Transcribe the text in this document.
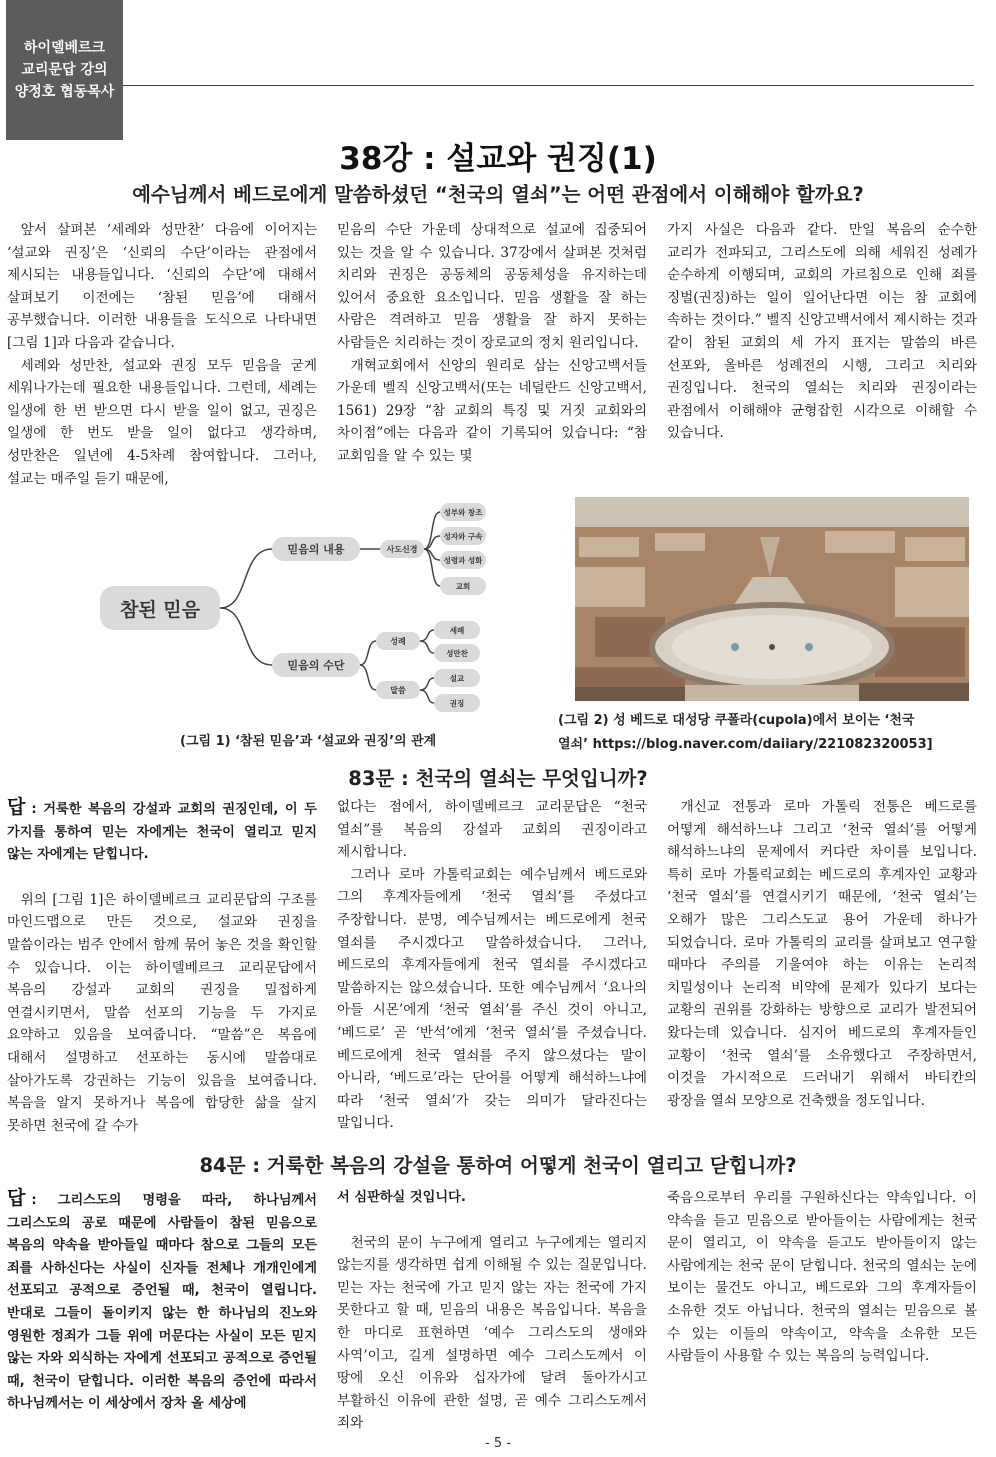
하이델베르크
교리문답 강의
양정호 협동목사
38강 : 설교와 권징(1)
예수님께서 베드로에게 말씀하셨던 “천국의 열쇠”는 어떤 관점에서 이해해야 할까요?

앞서 살펴본 ‘세례와 성만찬’ 다음에 이어지는 ‘설교와 권징’은 ‘신뢰의 수단’이라는 관점에서 제시되는 내용들입니다. ‘신뢰의 수단’에 대해서 살펴보기 이전에는 ‘참된 믿음’에 대해서 공부했습니다. 이러한 내용들을 도식으로 나타내면 [그림 1]과 다음과 같습니다.

세례와 성만찬, 설교와 권징 모두 믿음을 굳게 세워나가는데 필요한 내용들입니다. 그런데, 세례는 일생에 한 번 받으면 다시 받을 일이 없고, 권징은 일생에 한 번도 받을 일이 없다고 생각하며, 성만찬은 일년에 4-5차례 참여합니다. 그러나, 설교는 매주일 듣기 때문에,

믿음의 수단 가운데 상대적으로 설교에 집중되어 있는 것을 알 수 있습니다. 37강에서 살펴본 것처럼 치리와 권징은 공동체의 공동체성을 유지하는데 있어서 중요한 요소입니다. 믿음 생활을 잘 하는 사람은 격려하고 믿음 생활을 잘 하지 못하는 사람들은 치리하는 것이 장로교의 정치 원리입니다.

개혁교회에서 신앙의 원리로 삼는 신앙고백서들 가운데 벨직 신앙고백서(또는 네덜란드 신앙고백서, 1561) 29장 “참 교회의 특징 및 거짓 교회와의 차이점”에는 다음과 같이 기록되어 있습니다: “참 교회임을 알 수 있는 몇

가지 사실은 다음과 같다. 만일 복음의 순수한 교리가 전파되고, 그리스도에 의해 세워진 성례가 순수하게 이행되며, 교회의 가르침으로 인해 죄를 징벌(권징)하는 일이 일어난다면 이는 참 교회에 속하는 것이다.” 벨직 신앙고백서에서 제시하는 것과 같이 참된 교회의 세 가지 표지는 말씀의 바른 선포와, 올바른 성례전의 시행, 그리고 치리와 권징입니다. 천국의 열쇠는 치리와 권징이라는 관점에서 이해해야 균형잡힌 시각으로 이해할 수 있습니다.

참된 믿음
믿음의 내용	사도신경
성부와 창조
성자와 구속
성령과 성화
교회
믿음의 수단
성례
세례
성만찬
말씀
설교
권징
(그림 1) ‘참된 믿음’과 ‘설교와 권징’의 관계
(그림 2) 성 베드로 대성당 쿠폴라(cupola)에서 보이는 ‘천국
열쇠’ https://blog.naver.com/daiiary/221082320053]
83문 : 천국의 열쇠는 무엇입니까?
답 : 거룩한 복음의 강설과 교회의 권징인데, 이 두 가지를 통하여 믿는 자에게는 천국이 열리고 믿지 않는 자에게는 닫힙니다.

위의 [그림 1]은 하이델베르크 교리문답의 구조를 마인드맵으로 만든 것으로, 설교와 권징을 말씀이라는 범주 안에서 함께 묶어 놓은 것을 확인할 수 있습니다. 이는 하이델베르크 교리문답에서 복음의 강설과 교회의 권징을 밀접하게 연결시키면서, 말씀 선포의 기능을 두 가지로 요약하고 있음을 보여줍니다. “말씀”은 복음에 대해서 설명하고 선포하는 동시에 말씀대로 살아가도록 강권하는 기능이 있음을 보여줍니다. 복음을 알지 못하거나 복음에 합당한 삶을 살지 못하면 천국에 갈 수가

없다는 점에서, 하이델베르크 교리문답은 “천국 열쇠”를 복음의 강설과 교회의 권징이라고 제시합니다.

그러나 로마 가톨릭교회는 예수님께서 베드로와 그의 후계자들에게 ‘천국 열쇠’를 주셨다고 주장합니다. 분명, 예수님께서는 베드로에게 천국 열쇠를 주시겠다고 말씀하셨습니다. 그러나, 베드로의 후계자들에게 천국 열쇠를 주시겠다고 말씀하지는 않으셨습니다. 또한 예수님께서 ‘요나의 아들 시몬’에게 ‘천국 열쇠’를 주신 것이 아니고, ‘베드로’ 곧 ‘반석’에게 ‘천국 열쇠’를 주셨습니다. 베드로에게 천국 열쇠를 주지 않으셨다는 말이 아니라, ‘베드로’라는 단어를 어떻게 해석하느냐에 따라 ‘천국 열쇠’가 갖는 의미가 달라진다는 말입니다.

개신교 전통과 로마 가톨릭 전통은 베드로를 어떻게 해석하느냐 그리고 ‘천국 열쇠’를 어떻게 해석하느냐의 문제에서 커다란 차이를 보입니다. 특히 로마 가톨릭교회는 베드로의 후계자인 교황과 ‘천국 열쇠’를 연결시키기 때문에, ‘천국 열쇠’는 오해가 많은 그리스도교 용어 가운데 하나가 되었습니다. 로마 가톨릭의 교리를 살펴보고 연구할 때마다 주의를 기울여야 하는 이유는 논리적 치밀성이나 논리적 비약에 문제가 있다기 보다는 교황의 권위를 강화하는 방향으로 교리가 발전되어 왔다는데 있습니다. 심지어 베드로의 후계자들인 교황이 ‘천국 열쇠’를 소유했다고 주장하면서, 이것을 가시적으로 드러내기 위해서 바티칸의 광장을 열쇠 모양으로 건축했을 정도입니다.

84문 : 거룩한 복음의 강설을 통하여 어떻게 천국이 열리고 닫힙니까?
답 : 그리스도의 명령을 따라, 하나님께서 그리스도의 공로 때문에 사람들이 참된 믿음으로 복음의 약속을 받아들일 때마다 참으로 그들의 모든 죄를 사하신다는 사실이 신자들 전체나 개개인에게 선포되고 공적으로 증언될 때, 천국이 열립니다. 반대로 그들이 돌이키지 않는 한 하나님의 진노와 영원한 정죄가 그들 위에 머문다는 사실이 모든 믿지 않는 자와 외식하는 자에게 선포되고 공적으로 증언될 때, 천국이 닫힙니다. 이러한 복음의 증언에 따라서 하나님께서는 이 세상에서 장차 올 세상에
서 심판하실 것입니다.

천국의 문이 누구에게 열리고 누구에게는 열리지 않는지를 생각하면 쉽게 이해될 수 있는 질문입니다. 믿는 자는 천국에 가고 믿지 않는 자는 천국에 가지 못한다고 할 때, 믿음의 내용은 복음입니다. 복음을 한 마디로 표현하면 ‘예수 그리스도의 생애와 사역’이고, 길게 설명하면 예수 그리스도께서 이 땅에 오신 이유와 십자가에 달려 돌아가시고 부활하신 이유에 관한 설명, 곧 예수 그리스도께서 죄와

죽음으로부터 우리를 구원하신다는 약속입니다. 이 약속을 듣고 믿음으로 받아들이는 사람에게는 천국 문이 열리고, 이 약속을 듣고도 받아들이지 않는 사람에게는 천국 문이 닫힙니다. 천국의 열쇠는 눈에 보이는 물건도 아니고, 베드로와 그의 후계자들이 소유한 것도 아닙니다. 천국의 열쇠는 믿음으로 볼 수 있는 이들의 약속이고, 약속을 소유한 모든 사람들이 사용할 수 있는 복음의 능력입니다.

- 5 -
